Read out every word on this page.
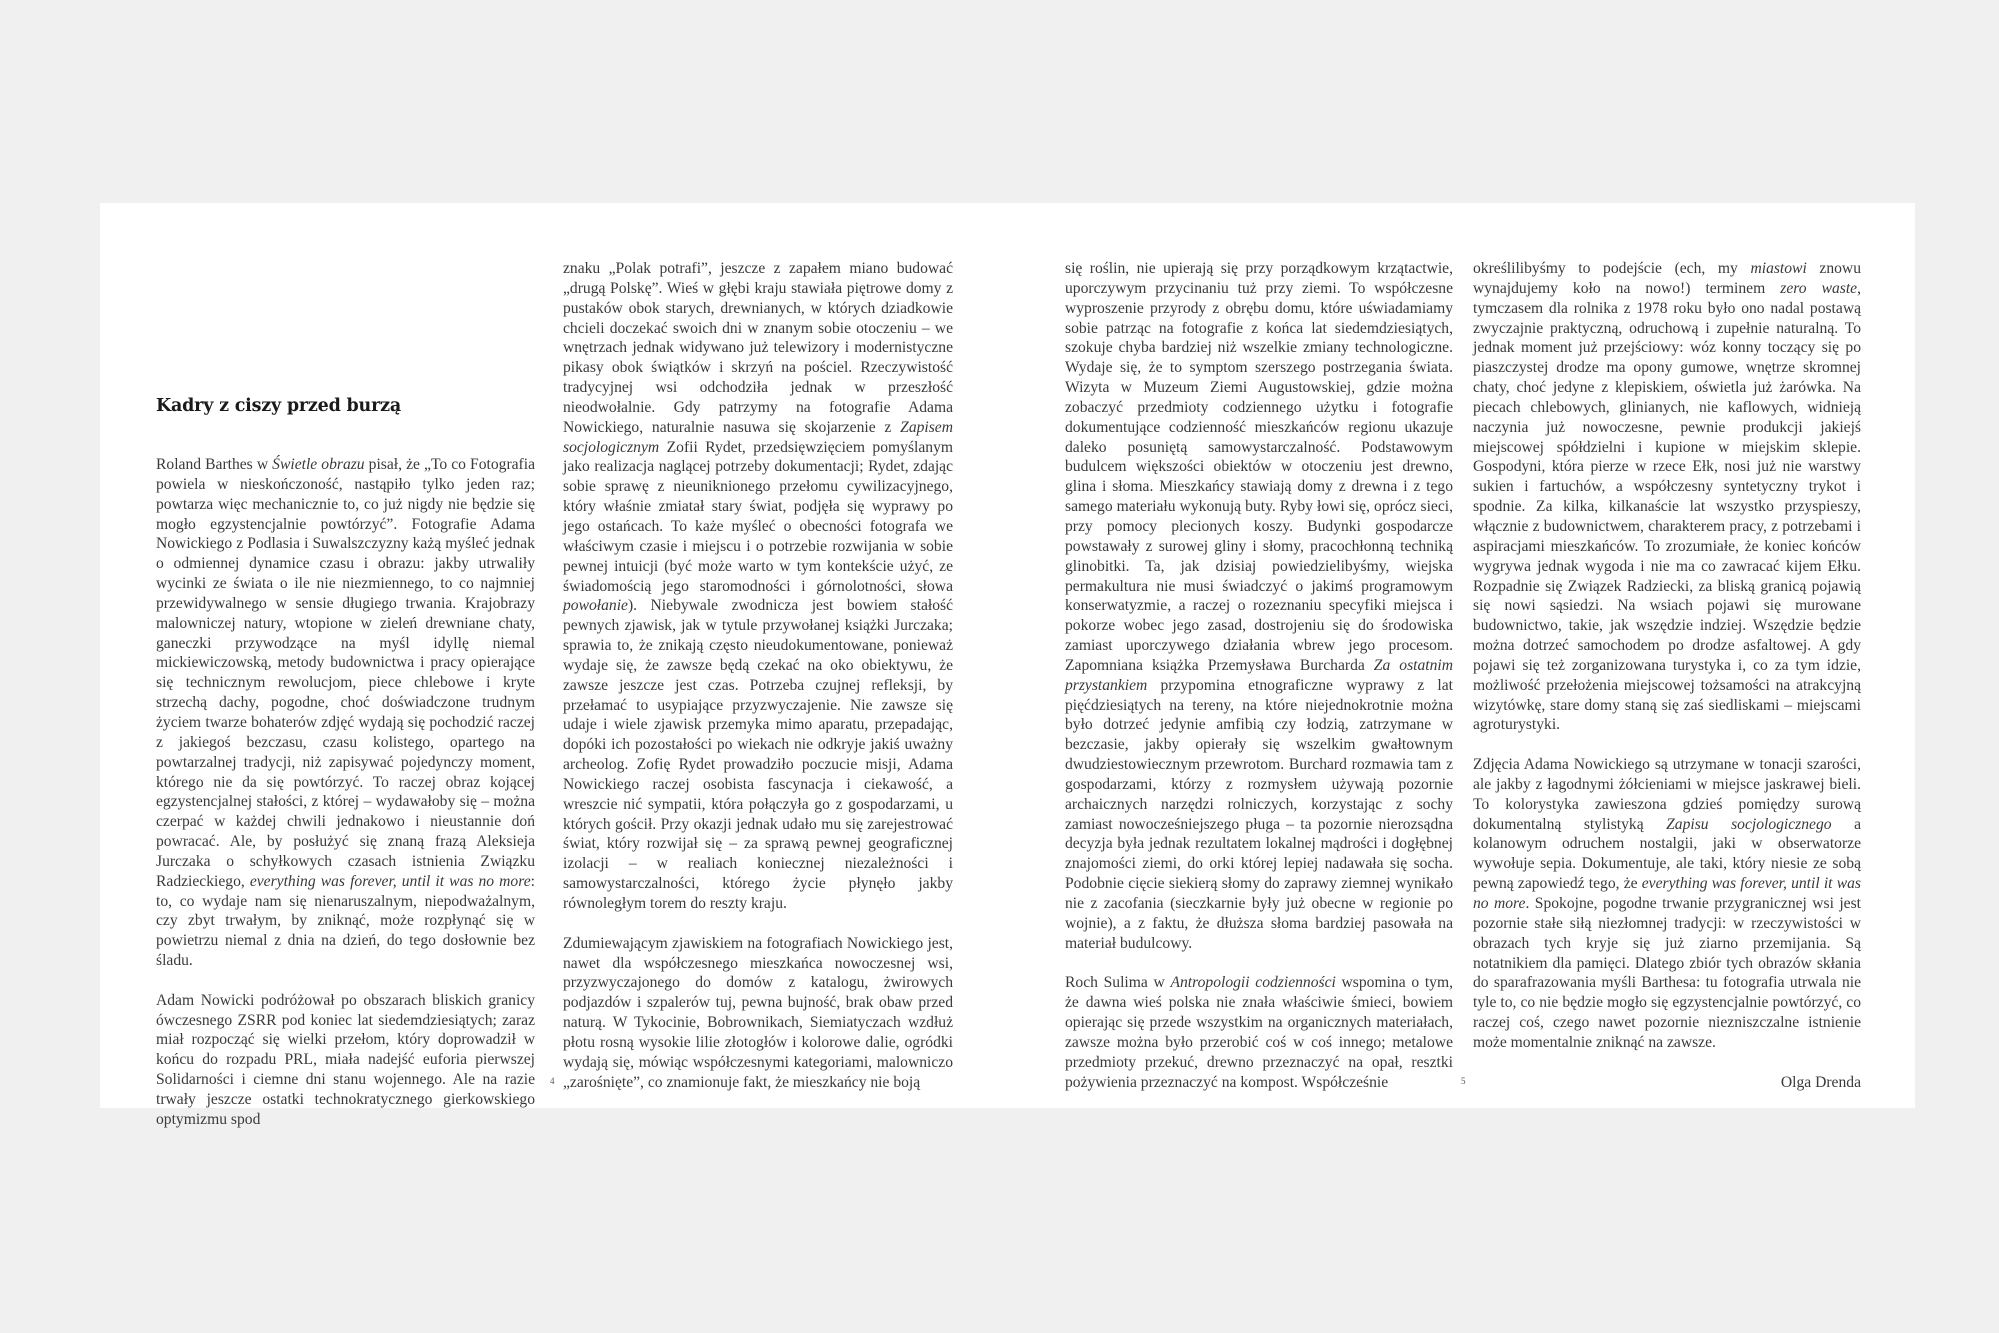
Kadry z ciszy przed burzą

Roland Barthes w Świetle obrazu pisał, że „To co Fotografia powiela w nieskończoność, nastąpiło tylko jeden raz; powtarza więc mechanicznie to, co już nigdy nie będzie się mogło egzystencjalnie powtórzyć”. Fotografie Adama Nowickiego z Podlasia i Suwalszczyzny każą myśleć jednak o odmiennej dynamice czasu i obrazu: jakby utrwaliły wycinki ze świata o ile nie niezmiennego, to co najmniej przewidywalnego w sensie długiego trwania. Krajobrazy malowniczej natury, wtopione w zieleń drewniane chaty, ganeczki przywodzące na myśl idyllę niemal mickiewiczowską, metody budownictwa i pracy opierające się technicznym rewolucjom, piece chlebowe i kryte strzechą dachy, pogodne, choć doświadczone trudnym życiem twarze bohaterów zdjęć wydają się pochodzić raczej z jakiegoś bezczasu, czasu kolistego, opartego na powtarzalnej tradycji, niż zapisywać pojedynczy moment, którego nie da się powtórzyć. To raczej obraz kojącej egzystencjalnej stałości, z której – wydawałoby się – można czerpać w każdej chwili jednakowo i nieustannie doń powracać. Ale, by posłużyć się znaną frazą Aleksieja Jurczaka o schyłkowych czasach istnienia Związku Radzieckiego, everything was forever, until it was no more: to, co wydaje nam się nienaruszalnym, niepodważalnym, czy zbyt trwałym, by zniknąć, może rozpłynąć się w powietrzu niemal z dnia na dzień, do tego dosłownie bez śladu.

Adam Nowicki podróżował po obszarach bliskich granicy ówczesnego ZSRR pod koniec lat siedemdziesiątych; zaraz miał rozpocząć się wielki przełom, który doprowadził w końcu do rozpadu PRL, miała nadejść euforia pierwszej Solidarności i ciemne dni stanu wojennego. Ale na razie trwały jeszcze ostatki technokratycznego gierkowskiego optymizmu spod

znaku „Polak potrafi”, jeszcze z zapałem miano budować „drugą Polskę”. Wieś w głębi kraju stawiała piętrowe domy z pustaków obok starych, drewnianych, w których dziadkowie chcieli doczekać swoich dni w znanym sobie otoczeniu – we wnętrzach jednak widywano już telewizory i modernistyczne pikasy obok świątków i skrzyń na pościel. Rzeczywistość tradycyjnej wsi odchodziła jednak w przeszłość nieodwołalnie. Gdy patrzymy na fotografie Adama Nowickiego, naturalnie nasuwa się skojarzenie z Zapisem socjologicznym Zofii Rydet, przedsięwzięciem pomyślanym jako realizacja naglącej potrzeby dokumentacji; Rydet, zdając sobie sprawę z nieuniknionego przełomu cywilizacyjnego, który właśnie zmiatał stary świat, podjęła się wyprawy po jego ostańcach. To każe myśleć o obecności fotografa we właściwym czasie i miejscu i o potrzebie rozwijania w sobie pewnej intuicji (być może warto w tym kontekście użyć, ze świadomością jego staromodności i górnolotności, słowa powołanie). Niebywale zwodnicza jest bowiem stałość pewnych zjawisk, jak w tytule przywołanej książki Jurczaka; sprawia to, że znikają często nieudokumentowane, ponieważ wydaje się, że zawsze będą czekać na oko obiektywu, że zawsze jeszcze jest czas. Potrzeba czujnej refleksji, by przełamać to usypiające przyzwyczajenie. Nie zawsze się udaje i wiele zjawisk przemyka mimo aparatu, przepadając, dopóki ich pozostałości po wiekach nie odkryje jakiś uważny archeolog. Zofię Rydet prowadziło poczucie misji, Adama Nowickiego raczej osobista fascynacja i ciekawość, a wreszcie nić sympatii, która połączyła go z gospodarzami, u których gościł. Przy okazji jednak udało mu się zarejestrować świat, który rozwijał się – za sprawą pewnej geograficznej izolacji – w realiach koniecznej niezależności i samowystarczalności, którego życie płynęło jakby równoległym torem do reszty kraju.

Zdumiewającym zjawiskiem na fotografiach Nowickiego jest, nawet dla współczesnego mieszkańca nowoczesnej wsi, przyzwyczajonego do domów z katalogu, żwirowych podjazdów i szpalerów tuj, pewna bujność, brak obaw przed naturą. W Tykocinie, Bobrownikach, Siemiatyczach wzdłuż płotu rosną wysokie lilie złotogłów i kolorowe dalie, ogródki wydają się, mówiąc współczesnymi kategoriami, malowniczo „zarośnięte”, co znamionuje fakt, że mieszkańcy nie boją

4

się roślin, nie upierają się przy porządkowym krzątactwie, uporczywym przycinaniu tuż przy ziemi. To współczesne wyproszenie przyrody z obrębu domu, które uświadamiamy sobie patrząc na fotografie z końca lat siedemdziesiątych, szokuje chyba bardziej niż wszelkie zmiany technologiczne. Wydaje się, że to symptom szerszego postrzegania świata. Wizyta w Muzeum Ziemi Augustowskiej, gdzie można zobaczyć przedmioty codziennego użytku i fotografie dokumentujące codzienność mieszkańców regionu ukazuje daleko posuniętą samowystarczalność. Podstawowym budulcem większości obiektów w otoczeniu jest drewno, glina i słoma. Mieszkańcy stawiają domy z drewna i z tego samego materiału wykonują buty. Ryby łowi się, oprócz sieci, przy pomocy plecionych koszy. Budynki gospodarcze powstawały z surowej gliny i słomy, pracochłonną techniką glinobitki. Ta, jak dzisiaj powiedzielibyśmy, wiejska permakultura nie musi świadczyć o jakimś programowym konserwatyzmie, a raczej o rozeznaniu specyfiki miejsca i pokorze wobec jego zasad, dostrojeniu się do środowiska zamiast uporczywego działania wbrew jego procesom. Zapomniana książka Przemysława Burcharda Za ostatnim przystankiem przypomina etnograficzne wyprawy z lat pięćdziesiątych na tereny, na które niejednokrotnie można było dotrzeć jedynie amfibią czy łodzią, zatrzymane w bezczasie, jakby opierały się wszelkim gwałtownym dwudziestowiecznym przewrotom. Burchard rozmawia tam z gospodarzami, którzy z rozmysłem używają pozornie archaicznych narzędzi rolniczych, korzystając z sochy zamiast nowocześniejszego pługa – ta pozornie nierozsądna decyzja była jednak rezultatem lokalnej mądrości i dogłębnej znajomości ziemi, do orki której lepiej nadawała się socha. Podobnie cięcie siekierą słomy do zaprawy ziemnej wynikało nie z zacofania (sieczkarnie były już obecne w regionie po wojnie), a z faktu, że dłuższa słoma bardziej pasowała na materiał budulcowy.

Roch Sulima w Antropologii codzienności wspomina o tym, że dawna wieś polska nie znała właściwie śmieci, bowiem opierając się przede wszystkim na organicznych materiałach, zawsze można było przerobić coś w coś innego; metalowe przedmioty przekuć, drewno przeznaczyć na opał, resztki pożywienia przeznaczyć na kompost. Współcześnie

określilibyśmy to podejście (ech, my miastowi znowu wynajdujemy koło na nowo!) terminem zero waste, tymczasem dla rolnika z 1978 roku było ono nadal postawą zwyczajnie praktyczną, odruchową i zupełnie naturalną. To jednak moment już przejściowy: wóz konny toczący się po piaszczystej drodze ma opony gumowe, wnętrze skromnej chaty, choć jedyne z klepiskiem, oświetla już żarówka. Na piecach chlebowych, glinianych, nie kaflowych, widnieją naczynia już nowoczesne, pewnie produkcji jakiejś miejscowej spółdzielni i kupione w miejskim sklepie. Gospodyni, która pierze w rzece Ełk, nosi już nie warstwy sukien i fartuchów, a współczesny syntetyczny trykot i spodnie. Za kilka, kilkanaście lat wszystko przyspieszy, włącznie z budownictwem, charakterem pracy, z potrzebami i aspiracjami mieszkańców. To zrozumiałe, że koniec końców wygrywa jednak wygoda i nie ma co zawracać kijem Ełku. Rozpadnie się Związek Radziecki, za bliską granicą pojawią się nowi sąsiedzi. Na wsiach pojawi się murowane budownictwo, takie, jak wszędzie indziej. Wszędzie będzie można dotrzeć samochodem po drodze asfaltowej. A gdy pojawi się też zorganizowana turystyka i, co za tym idzie, możliwość przełożenia miejscowej tożsamości na atrakcyjną wizytówkę, stare domy staną się zaś siedliskami – miejscami agroturystyki.

Zdjęcia Adama Nowickiego są utrzymane w tonacji szarości, ale jakby z łagodnymi żółcieniami w miejsce jaskrawej bieli. To kolorystyka zawieszona gdzieś pomiędzy surową dokumentalną stylistyką Zapisu socjologicznego a kolanowym odruchem nostalgii, jaki w obserwatorze wywołuje sepia. Dokumentuje, ale taki, który niesie ze sobą pewną zapowiedź tego, że everything was forever, until it was no more. Spokojne, pogodne trwanie przygranicznej wsi jest pozornie stałe siłą niezłomnej tradycji: w rzeczywistości w obrazach tych kryje się już ziarno przemijania. Są notatnikiem dla pamięci. Dlatego zbiór tych obrazów skłania do sparafrazowania myśli Barthesa: tu fotografia utrwala nie tyle to, co nie będzie mogło się egzystencjalnie powtórzyć, co raczej coś, czego nawet pozornie niezniszczalne istnienie może momentalnie zniknąć na zawsze.

Olga Drenda

5
